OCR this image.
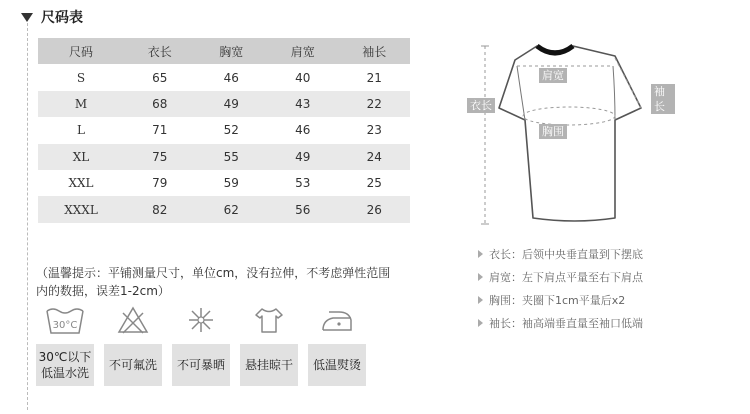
尺码表
尺码	衣长	胸宽	肩宽	袖长
S	65	46	40	21
M	68	49	43	22
L	71	52	46	23
XL	75	55	49	24
XXL	79	59	53	25
XXXL	82	62	56	26
（温馨提示：平铺测量尺寸，单位cm，没有拉伸，不考虑弹性范围
内的数据，误差1-2cm）
30°C
30℃以下
低温水洗
不可氟洗	不可暴晒	悬挂晾干	低温熨烫
肩宽
袖长
衣长
胸围
衣长：后领中央垂直量到下摆底
肩宽：左下肩点平量至右下肩点
胸围：夹圈下1cm平量后x2
袖长：袖高端垂直量至袖口低端
